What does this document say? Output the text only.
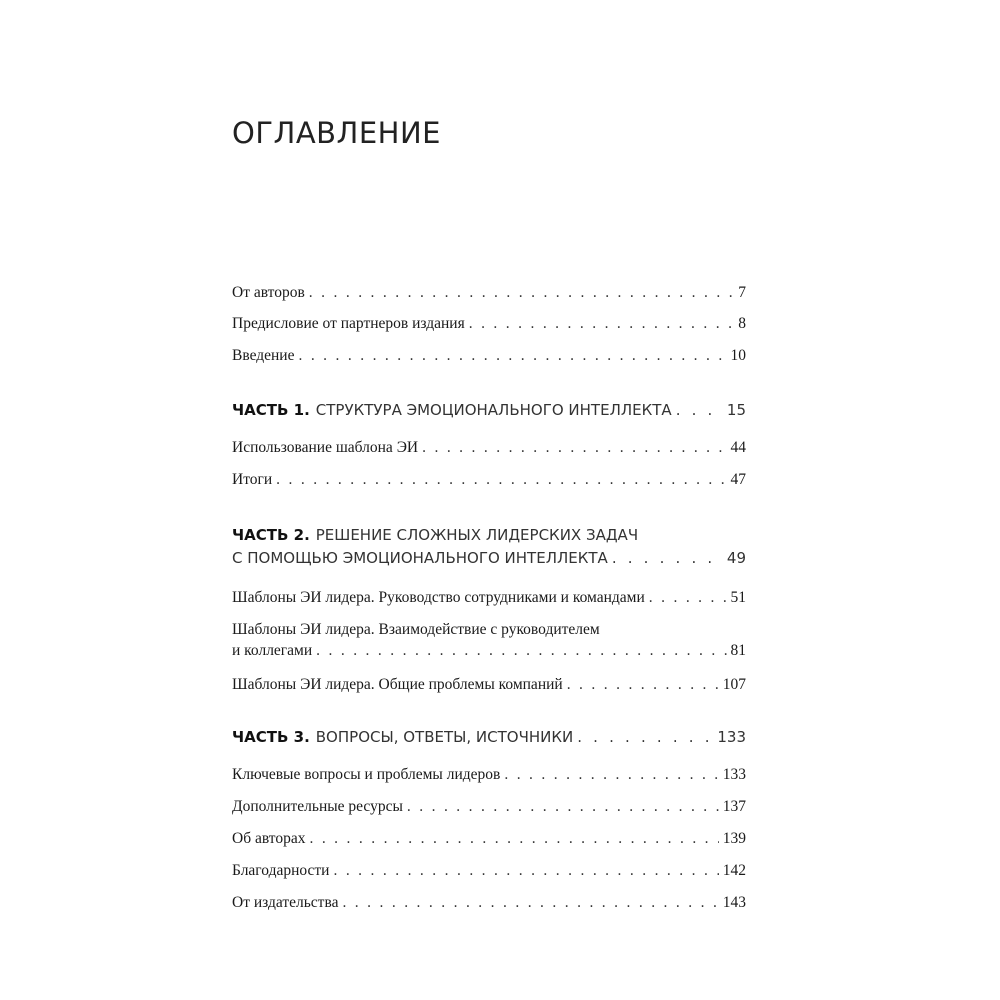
ОГЛАВЛЕНИЕ
От авторов . . .	7
Предисловие от партнеров издания . . .	8
Введение . . .	10
ЧАСТЬ 1. СТРУКТУРА ЭМОЦИОНАЛЬНОГО ИНТЕЛЛЕКТА . . .	15
Использование шаблона ЭИ . . .	44
Итоги . . .	47
ЧАСТЬ 2. РЕШЕНИЕ СЛОЖНЫХ ЛИДЕРСКИХ ЗАДАЧ
С ПОМОЩЬЮ ЭМОЦИОНАЛЬНОГО ИНТЕЛЛЕКТА . . .	49
Шаблоны ЭИ лидера. Руководство сотрудниками и командами . . .	51
Шаблоны ЭИ лидера. Взаимодействие с руководителем
и коллегами . . .	81
Шаблоны ЭИ лидера. Общие проблемы компаний . . .	107
ЧАСТЬ 3. ВОПРОСЫ, ОТВЕТЫ, ИСТОЧНИКИ . . .	133
Ключевые вопросы и проблемы лидеров . . .	133
Дополнительные ресурсы . . .	137
Об авторах . . .	139
Благодарности . . .	142
От издательства . . .	143
